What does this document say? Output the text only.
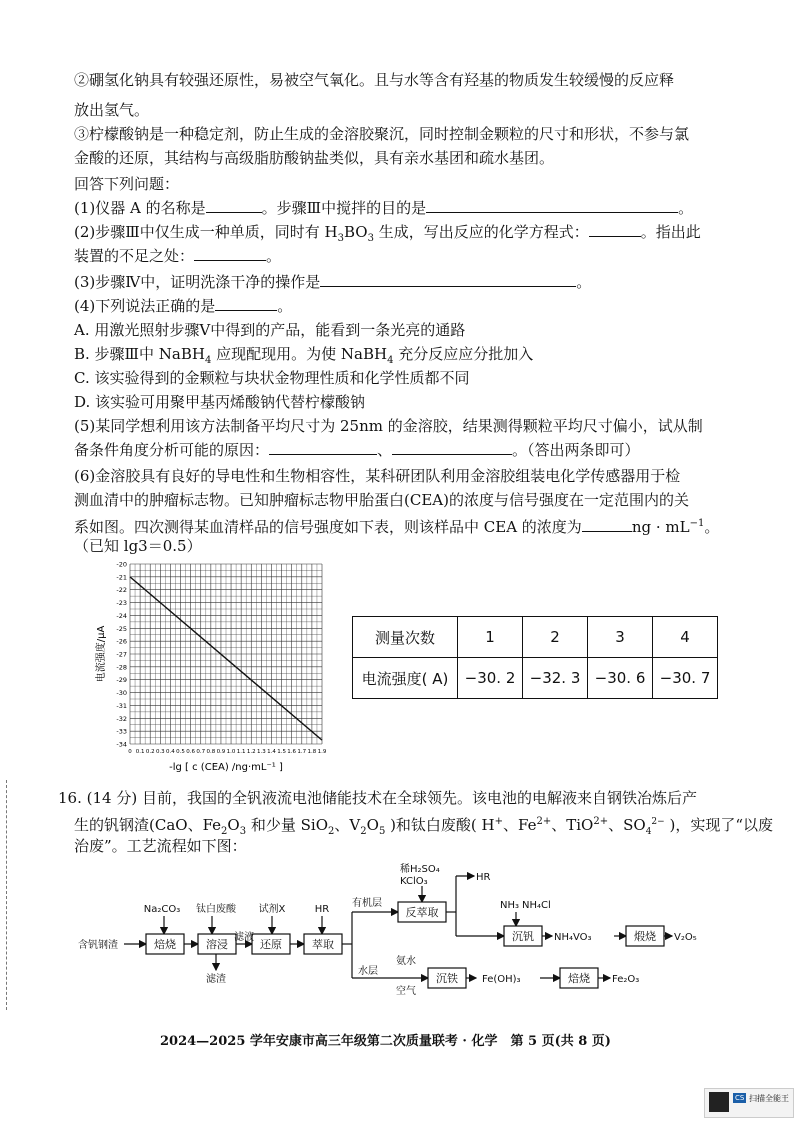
②硼氢化钠具有较强还原性，易被空气氧化。且与水等含有羟基的物质发生较缓慢的反应释
放出氢气。
③柠檬酸钠是一种稳定剂，防止生成的金溶胶聚沉，同时控制金颗粒的尺寸和形状，不参与氯
金酸的还原，其结构与高级脂肪酸钠盐类似，具有亲水基团和疏水基团。
回答下列问题：
(1)仪器 A 的名称是	。步骤Ⅲ中搅拌的目的是	。
(2)步骤Ⅲ中仅生成一种单质，同时有 $H_3BO_3$ 生成，写出反应的化学方程式：	。指出此
装置的不足之处：	。
(3)步骤Ⅳ中，证明洗涤干净的操作是	。
(4)下列说法正确的是	。
A. 用激光照射步骤Ⅴ中得到的产品，能看到一条光亮的通路
B. 步骤Ⅲ中 NaBH$_4$ 应现配现用。为使 NaBH$_4$ 充分反应应分批加入
C. 该实验得到的金颗粒与块状金物理性质和化学性质都不同
D. 该实验可用聚甲基丙烯酸钠代替柠檬酸钠
(5)某同学想利用该方法制备平均尺寸为 25nm 的金溶胶，结果测得颗粒平均尺寸偏小，试从制
备条件角度分析可能的原因：	、	。（答出两条即可）
(6)金溶胶具有良好的导电性和生物相容性，某科研团队利用金溶胶组装电化学传感器用于检
测血清中的肿瘤标志物。已知肿瘤标志物甲胎蛋白(CEA)的浓度与信号强度在一定范围内的关
系如图。四次测得某血清样品的信号强度如下表，则该样品中 CEA 的浓度为	ng · $mL^{-1}$。
（已知 lg3＝0.5）
-20
-21
-22
-23
-24
-25
-26
-27
-28
-29
-30
-31
-32
-33
-34
0 0.1 0.2 0.3 0.4 0.5 0.6 0.7 0.8 0.9 1.0 1.1 1.2 1.3 1.4 1.5 1.6 1.7 1.8 1.9
电流强度/μA
-lg [ c (CEA) /ng·mL⁻¹ ]
测量次数	1	2	3	4
电流强度( A)	−30. 2	−32. 3	−30. 6	−30. 7
16. (14 分) 目前，我国的全钒液流电池储能技术在全球领先。该电池的电解液来自钢铁冶炼后产
生的钒钢渣(CaO、$Fe_2O_3$ 和少量 SiO$_2$、$V_2O_5$ )和钛白废酸( H+、$Fe^{2+}$、TiO$^{2+}$、$SO_4^{2-}$ )，实现了“以废
治废”。工艺流程如下图：
焙烧	溶浸	还原	萃取
反萃取
沉钒	煅烧
沉铁	焙烧
Na₂CO₃ 钛白废酸 试剂X	HR
含钒钢渣
滤液
滤渣
有机层
水层
稀H₂SO₄
KClO₃	HR
NH₃ NH₄Cl
NH₄VO₃	V₂O₅
氨水
空气
Fe(OH)₃	Fe₂O₃
2024—2025 学年安康市高三年级第二次质量联考 · 化学　第 5 页(共 8 页)
CS 扫描全能王
